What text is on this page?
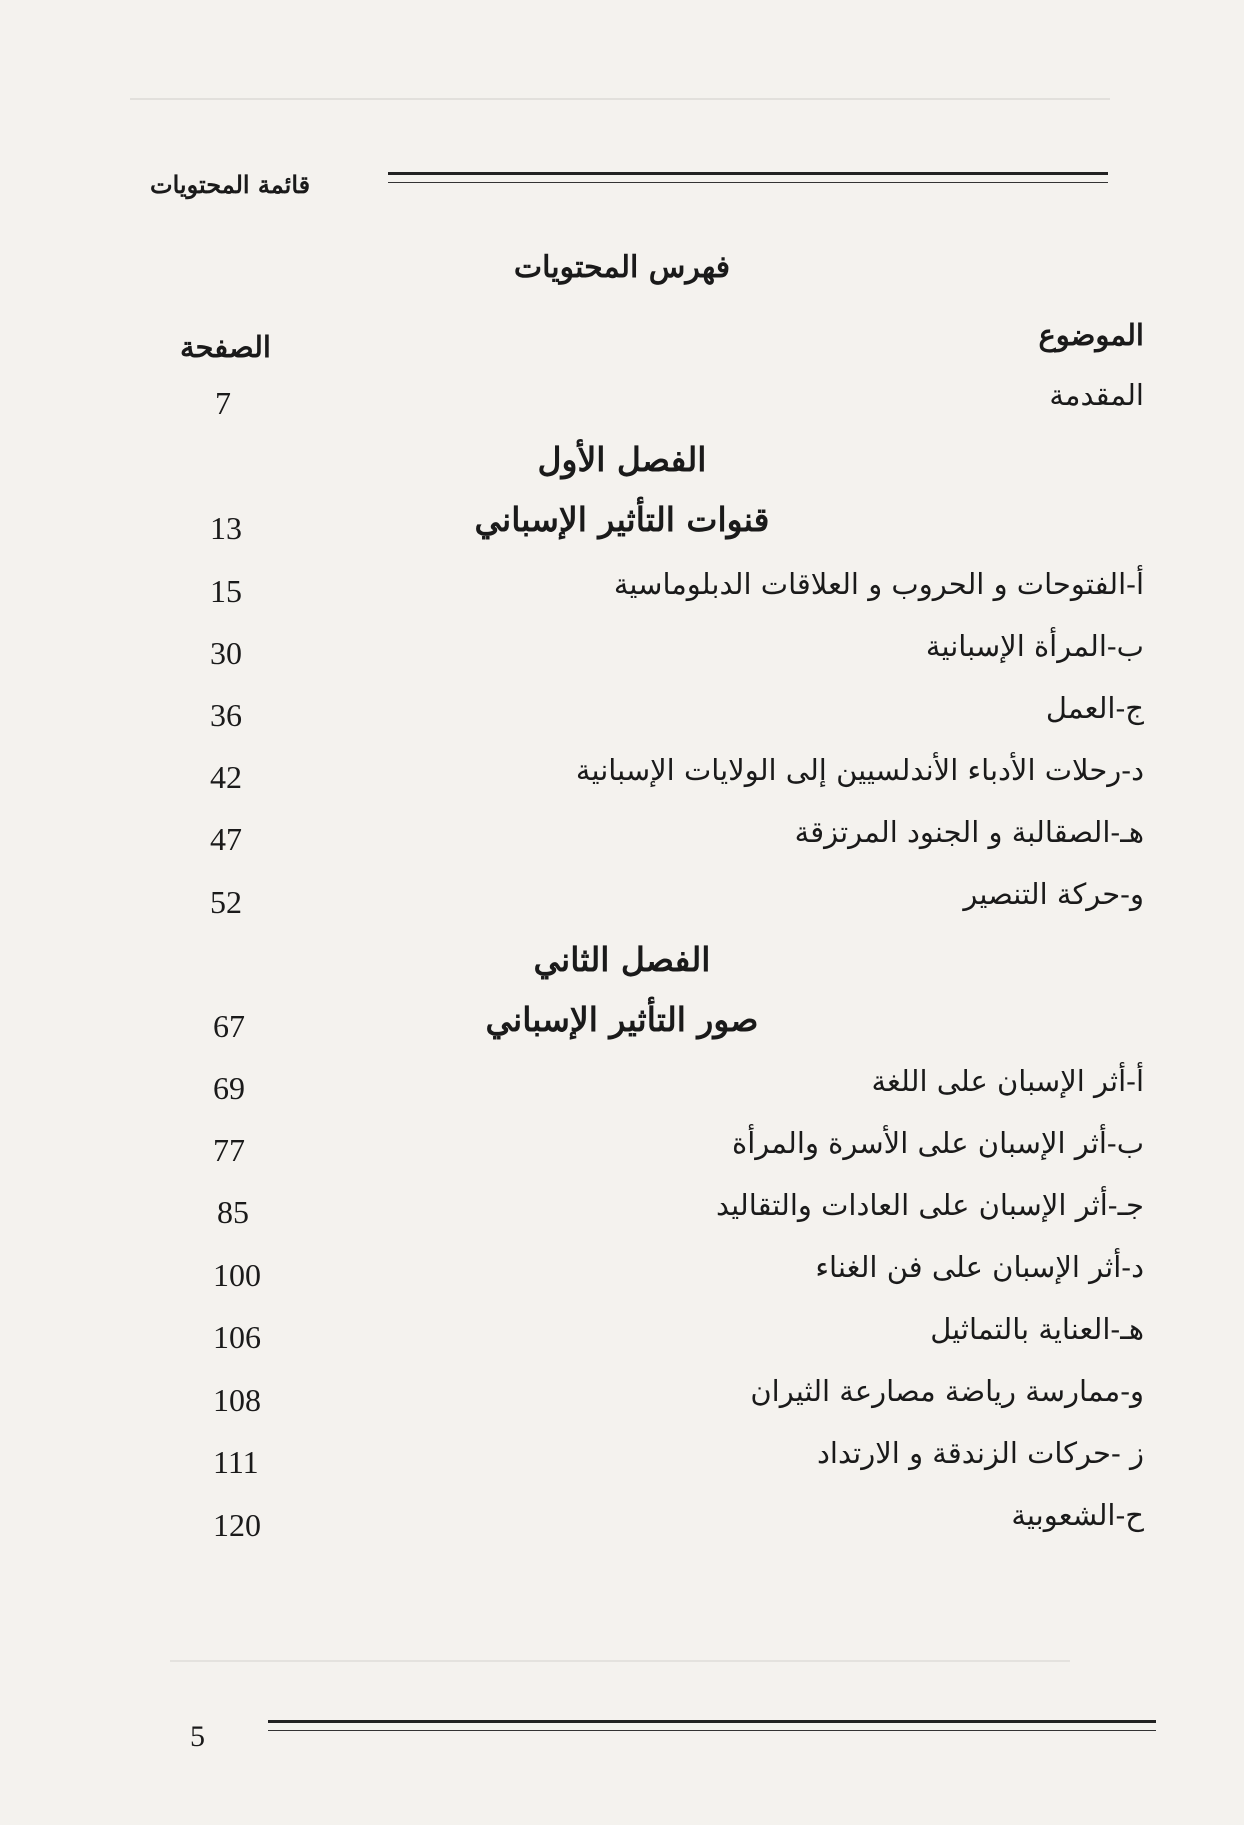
قائمة المحتويات
فهرس المحتويات
الموضوع
الصفحة
المقدمة
7
الفصل الأول
قنوات التأثير الإسباني
13
أ-الفتوحات و الحروب و العلاقات الدبلوماسية
15
ب-المرأة الإسبانية
30
ج-العمل
36
د-رحلات الأدباء الأندلسيين إلى الولايات الإسبانية
42
هـ-الصقالبة و الجنود المرتزقة
47
و-حركة التنصير
52
الفصل الثاني
صور التأثير الإسباني
67
أ-أثر الإسبان على اللغة
69
ب-أثر الإسبان على الأسرة والمرأة
77
جـ-أثر الإسبان على العادات والتقاليد
85
د-أثر الإسبان على فن الغناء
100
هـ-العناية بالتماثيل
106
و-ممارسة رياضة مصارعة الثيران
108
ز -حركات الزندقة و الارتداد
111
ح-الشعوبية
120
5
